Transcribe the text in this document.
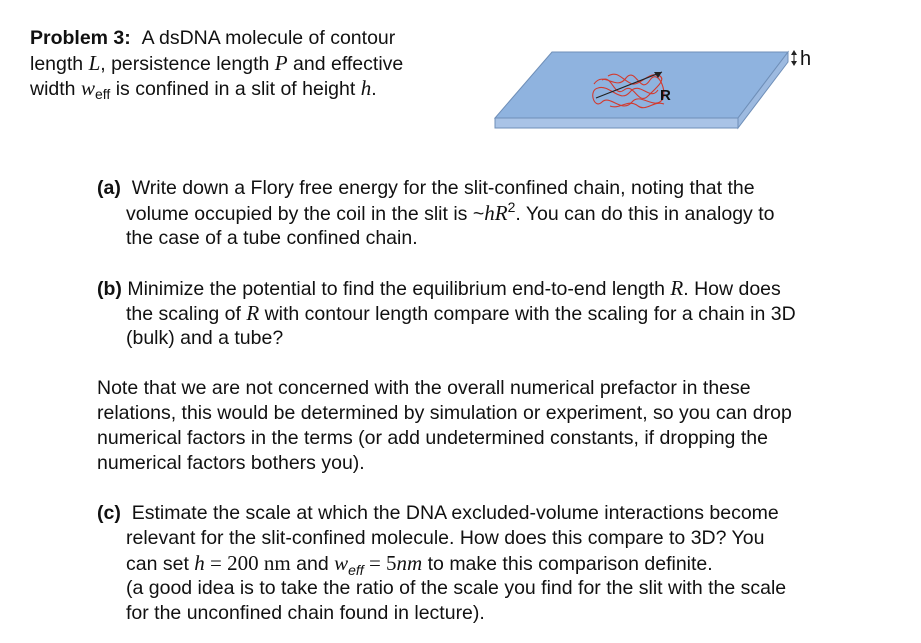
Problem 3: A dsDNA molecule of contour
length L, persistence length P and effective
width $w_{eff}$ is confined in a slit of height h.	R
h
(a) Write down a Flory free energy for the slit-confined chain, noting that the
volume occupied by the coil in the slit is $\sim hR^2$. You can do this in analogy to
the case of a tube confined chain.
(b) Minimize the potential to find the equilibrium end-to-end length R. How does
the scaling of R with contour length compare with the scaling for a chain in 3D
(bulk) and a tube?
Note that we are not concerned with the overall numerical prefactor in these
relations, this would be determined by simulation or experiment, so you can drop
numerical factors in the terms (or add undetermined constants, if dropping the
numerical factors bothers you).
(c) Estimate the scale at which the DNA excluded-volume interactions become
relevant for the slit-confined molecule. How does this compare to 3D? You
can set h = 200 nm and $w_{eff} = 5nm$ to make this comparison definite.
(a good idea is to take the ratio of the scale you find for the slit with the scale
for the unconfined chain found in lecture).
